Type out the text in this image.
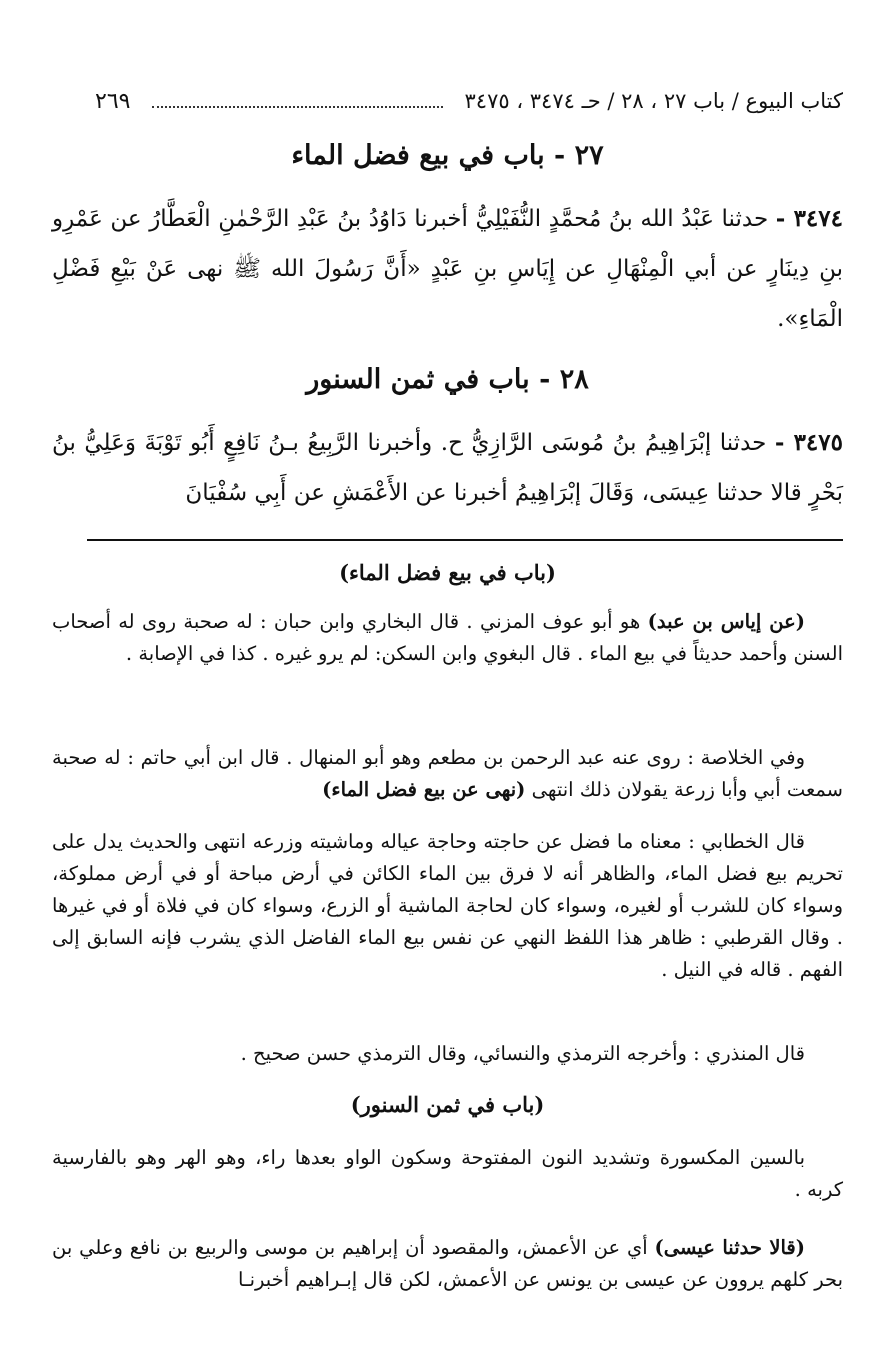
كتاب البيوع / باب ٢٧ ، ٢٨ / حـ ٣٤٧٤ ، ٣٤٧٥
٢٦٩
٢٧ - باب في بيع فضل الماء
٣٤٧٤ - حدثنا عَبْدُ الله بنُ مُحمَّدٍ النُّفَيْلِيُّ أخبرنا دَاوُدُ بنُ عَبْدِ الرَّحْمٰنِ الْعَطَّارُ عن عَمْرِو بنِ دِينَارٍ عن أبي الْمِنْهَالِ عن إِيَاسِ بنِ عَبْدٍ «أَنَّ رَسُولَ الله ﷺ نهى عَنْ بَيْعِ فَضْلِ الْمَاءِ».
٢٨ - باب في ثمن السنور
٣٤٧٥ - حدثنا إبْرَاهِيمُ بنُ مُوسَى الرَّازِيُّ ح. وأخبرنا الرَّبِيعُ بـنُ نَافِعٍ أَبُو تَوْبَةَ وَعَلِيُّ بنُ بَحْرٍ قالا حدثنا عِيسَى، وَقَالَ إبْرَاهِيمُ أخبرنا عن الأَعْمَشِ عن أَبِي سُفْيَانَ
(باب في بيع فضل الماء)
(عن إياس بن عبد) هو أبو عوف المزني . قال البخاري وابن حبان : له صحبة روى له أصحاب السنن وأحمد حديثاً في بيع الماء . قال البغوي وابن السكن: لم يرو غيره . كذا في الإصابة .
وفي الخلاصة : روى عنه عبد الرحمن بن مطعم وهو أبو المنهال . قال ابن أبي حاتم : له صحبة سمعت أبي وأبا زرعة يقولان ذلك انتهى (نهى عن بيع فضل الماء)
قال الخطابي : معناه ما فضل عن حاجته وحاجة عياله وماشيته وزرعه انتهى والحديث يدل على تحريم بيع فضل الماء، والظاهر أنه لا فرق بين الماء الكائن في أرض مباحة أو في أرض مملوكة، وسواء كان للشرب أو لغيره، وسواء كان لحاجة الماشية أو الزرع، وسواء كان في فلاة أو في غيرها . وقال القرطبي : ظاهر هذا اللفظ النهي عن نفس بيع الماء الفاضل الذي يشرب فإنه السابق إلى الفهم . قاله في النيل .
قال المنذري : وأخرجه الترمذي والنسائي، وقال الترمذي حسن صحيح .
(باب في ثمن السنور)
بالسين المكسورة وتشديد النون المفتوحة وسكون الواو بعدها راء، وهو الهر وهو بالفارسية كربه .
(قالا حدثنا عيسى) أي عن الأعمش، والمقصود أن إبراهيم بن موسى والربيع بن نافع وعلي بن بحر كلهم يروون عن عيسى بن يونس عن الأعمش، لكن قال إبـراهيم أخبرنـا
